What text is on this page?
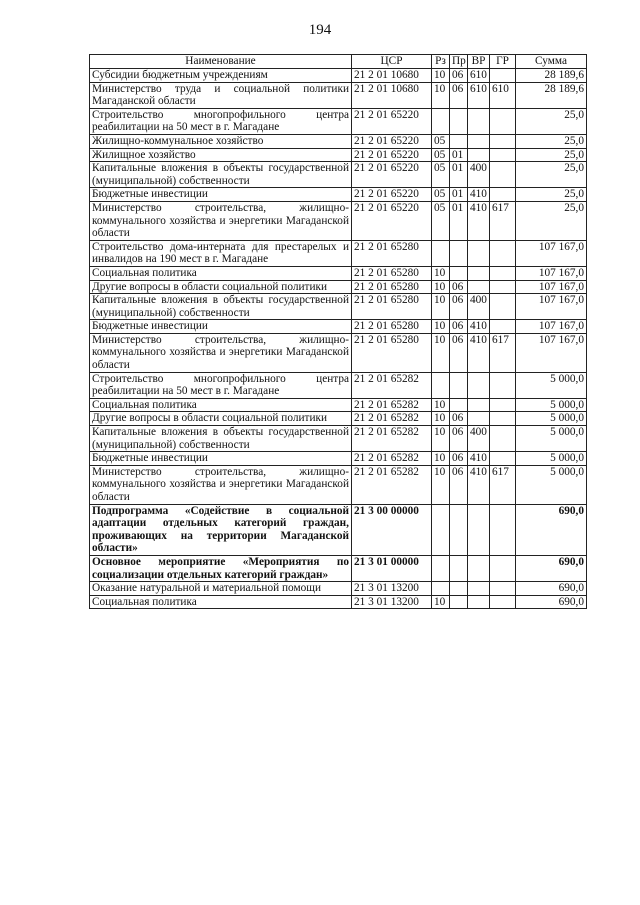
194
Наименование	ЦСР	Рз	Пр	ВР	ГР	Сумма

Субсидии бюджетным учреждениям	21 2 01 10680	10	06	610		28 189,6

Министерство труда и социальной политики Магаданской области	21 2 01 10680	10	06	610	610	28 189,6

Строительство многопрофильного центра реабилитации на 50 мест в г. Магадане	21 2 01 65220					25,0

Жилищно-коммунальное хозяйство	21 2 01 65220	05				25,0

Жилищное хозяйство	21 2 01 65220	05	01			25,0

Капитальные вложения в объекты государственной (муниципальной) собственности	21 2 01 65220	05	01	400		25,0

Бюджетные инвестиции	21 2 01 65220	05	01	410		25,0

Министерство строительства, жилищно-коммунального хозяйства и энергетики Магаданской области	21 2 01 65220	05	01	410	617	25,0

Строительство дома-интерната для престарелых и инвалидов на 190 мест в г. Магадане	21 2 01 65280					107 167,0

Социальная политика	21 2 01 65280	10				107 167,0

Другие вопросы в области социальной политики	21 2 01 65280	10	06			107 167,0

Капитальные вложения в объекты государственной (муниципальной) собственности	21 2 01 65280	10	06	400		107 167,0

Бюджетные инвестиции	21 2 01 65280	10	06	410		107 167,0

Министерство строительства, жилищно-коммунального хозяйства и энергетики Магаданской области	21 2 01 65280	10	06	410	617	107 167,0

Строительство многопрофильного центра реабилитации на 50 мест в г. Магадане	21 2 01 65282					5 000,0

Социальная политика	21 2 01 65282	10				5 000,0

Другие вопросы в области социальной политики	21 2 01 65282	10	06			5 000,0

Капитальные вложения в объекты государственной (муниципальной) собственности	21 2 01 65282	10	06	400		5 000,0

Бюджетные инвестиции	21 2 01 65282	10	06	410		5 000,0

Министерство строительства, жилищно-коммунального хозяйства и энергетики Магаданской области	21 2 01 65282	10	06	410	617	5 000,0

Подпрограмма «Содействие в социальной адаптации отдельных категорий граждан, проживающих на территории Магаданской области»	21 3 00 00000					690,0

Основное мероприятие «Мероприятия по социализации отдельных категорий граждан»	21 3 01 00000					690,0

Оказание натуральной и материальной помощи	21 3 01 13200					690,0

Социальная политика	21 3 01 13200	10				690,0
